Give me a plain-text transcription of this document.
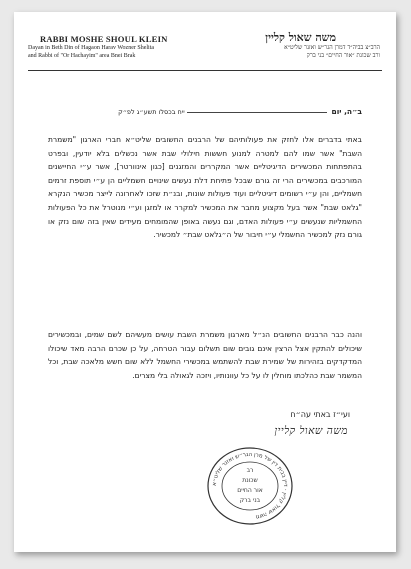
RABBI MOSHE SHOUL KLEIN
Dayan in Beth Din of Hagaon Harav Wozner Shelita
and Rabbi of "Or Hachayim" area Bnei Brak
משה שאול קליין
הרב״צ בביה״ד דמרן הגר״ש ואזנר שליט״א
ורב שכונת ״אור החיים״ בני ברק
ב״ה, יום  ייח בכסלו תשע״ג לפ״ק
באתי בדברים אלו לחזק את פעולותיהם של הרבנים החשובים שליט״א חברי הארגון "משמרת השבת" אשר שמו להם למטרה למנוע חששות חילולי שבת אשר נכשלים בלא יודעין, ובפרט בהתפתחות המכשירים הדיגיטליים אשר המקררים והמזגנים [כגון אינוורטר], אשר ע״י החיישנים המורכבים במכשירים הרי זה גורם שבכל פתיחת דלת נעשים שינויים חשמליים הן ע״י תוספת זרמים חשמליים, והן ע״י רשומים דיגיטליים ועוד פעולות שונות, ובנ״ת שזכו לאחרונה לייצר מכשיר הנקרא "גלאט שבת" אשר בעל מקצוע מחבר את המכשיר למקרר או למזגן וע״י מנוטרל את כל הפעולות החשמליות שנעשים ע״י פעולות האדם, וגם נעשה באופן שהמומחים מעידים שאין בזה שום נזק או גורם נזק למכשיר החשמלי ע״י חיבור של ה״גלאט שבת״ למכשיר.
והנה כבר הרבנים החשובים הנ״ל מארגון משמרת השבת עושים מעשיהם לשם שמים, ובמכשירים שיכולים להתקין אצל הרצין אינם גובים שום תשלום עבור הטרחה, על כן שכרם הרבה מאד שיכולו המדקדקים בזהירות של שמירת שבת להשתמש במכשירי החשמל ללא שום חשש מלאכה שבת, וכל המשמר שבת כהלכתו מוחלין לו על כל עוונותיו, ויזכה לגאולה בלי מצרים.
ועי״ז באתי עה״ח
משה שאול קליין
משה שאול קליין · דיין בבית דין של מרן הגר״ש ואזנר שליט״א
רב
שכונת
אור החיים
בני ברק
